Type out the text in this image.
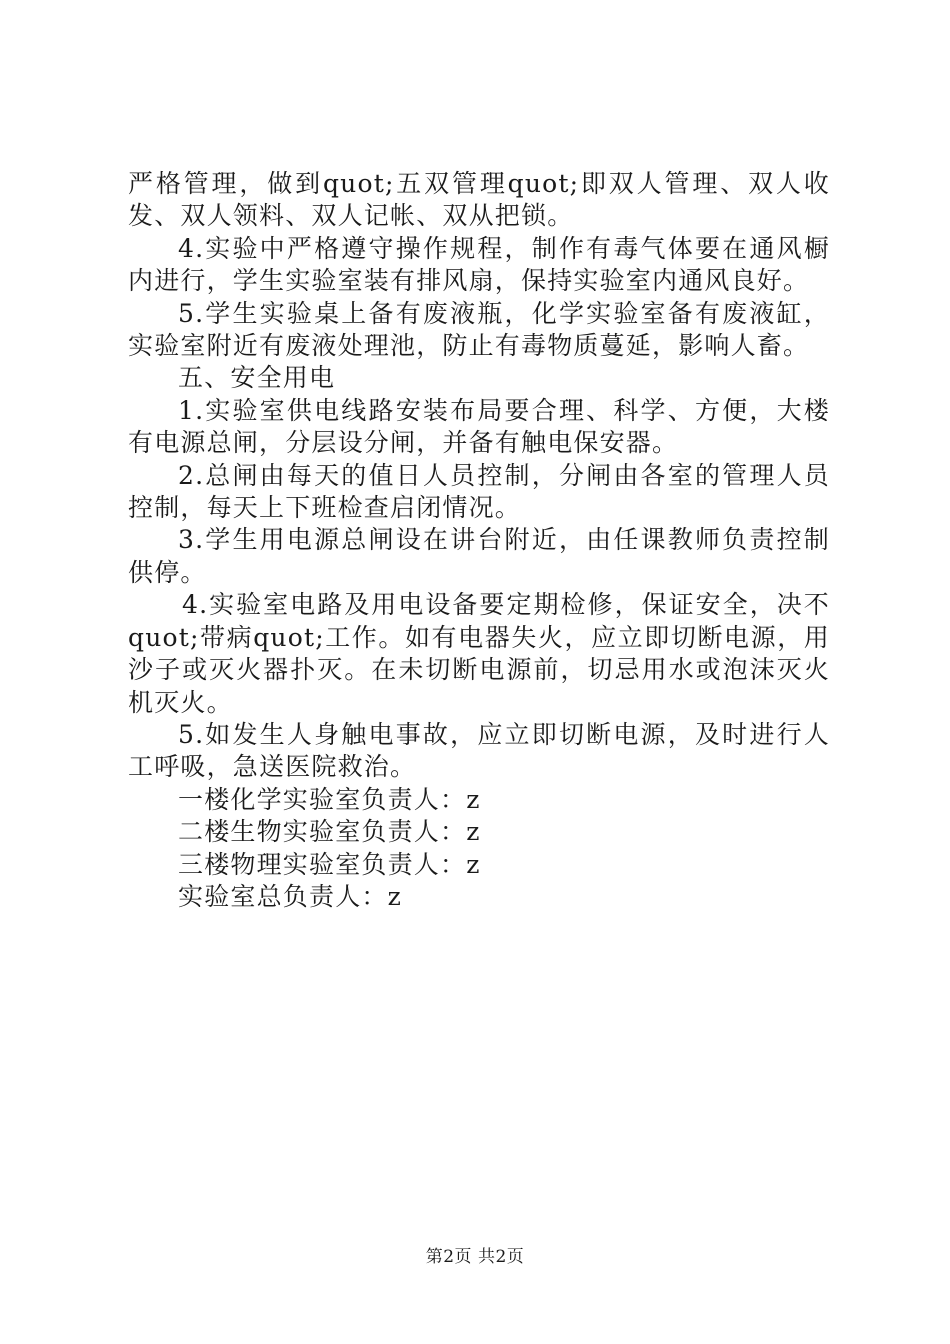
严格管理，做到quot;五双管理quot;即双人管理、双人收发、双人领料、双人记帐、双从把锁。

4.实验中严格遵守操作规程，制作有毒气体要在通风橱内进行，学生实验室装有排风扇，保持实验室内通风良好。

5.学生实验桌上备有废液瓶，化学实验室备有废液缸，实验室附近有废液处理池，防止有毒物质蔓延，影响人畜。

五、安全用电

1.实验室供电线路安装布局要合理、科学、方便，大楼有电源总闸，分层设分闸，并备有触电保安器。

2.总闸由每天的值日人员控制，分闸由各室的管理人员控制，每天上下班检查启闭情况。

3.学生用电源总闸设在讲台附近，由任课教师负责控制供停。

4.实验室电路及用电设备要定期检修，保证安全，决不quot;带病quot;工作。如有电器失火，应立即切断电源，用沙子或灭火器扑灭。在未切断电源前，切忌用水或泡沫灭火机灭火。

5.如发生人身触电事故，应立即切断电源，及时进行人工呼吸，急送医院救治。

一楼化学实验室负责人：z

二楼生物实验室负责人：z

三楼物理实验室负责人：z

实验室总负责人：z

第2页 共2页
